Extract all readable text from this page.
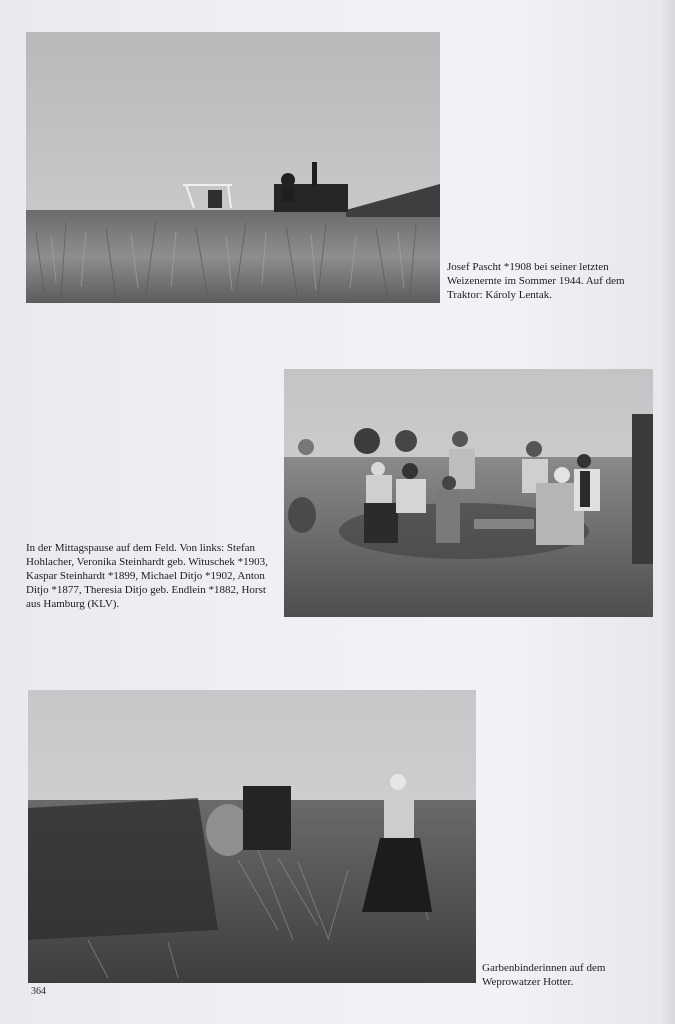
Josef Pascht *1908 bei seiner letzten Weizenernte im Sommer 1944. Auf dem Traktor: Károly Lentak.
In der Mittagspause auf dem Feld. Von links: Stefan Hohlacher, Veronika Steinhardt geb. Witusсhek *1903, Kaspar Steinhardt *1899, Michael Ditjo *1902, Anton Ditjo *1877, Theresia Ditjo geb. Endlein *1882, Horst aus Hamburg (KLV).
Garbenbinderinnen auf dem Weprowatzer Hotter.
364
